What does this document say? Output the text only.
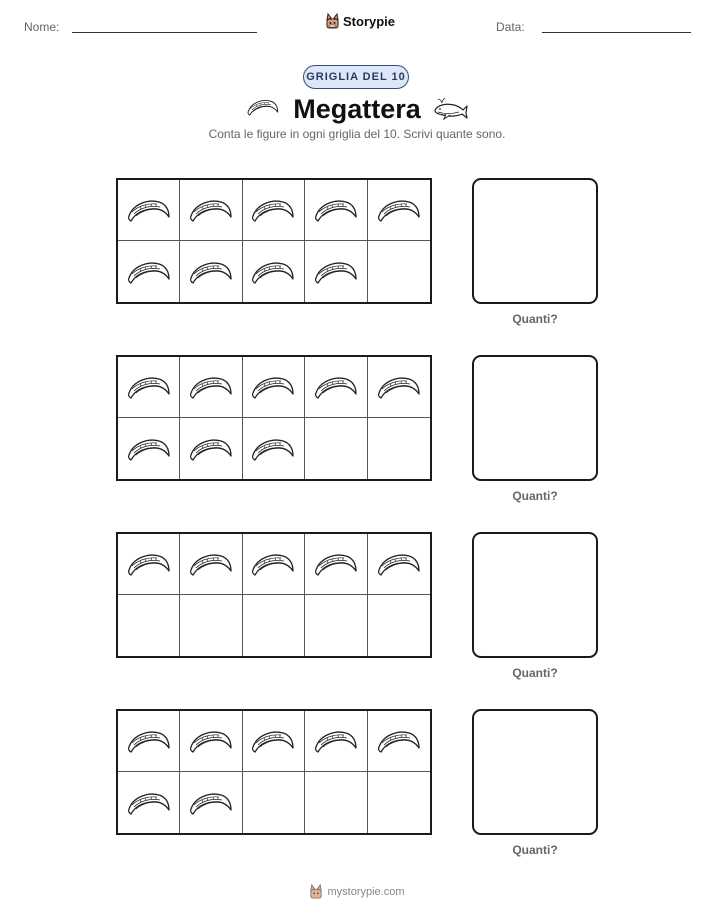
Nome:	Storypie	Data:
GRIGLIA DEL 10
Megattera
Conta le figure in ogni griglia del 10. Scrivi quante sono.
Quanti?
Quanti?
Quanti?
Quanti?
mystorypie.com
